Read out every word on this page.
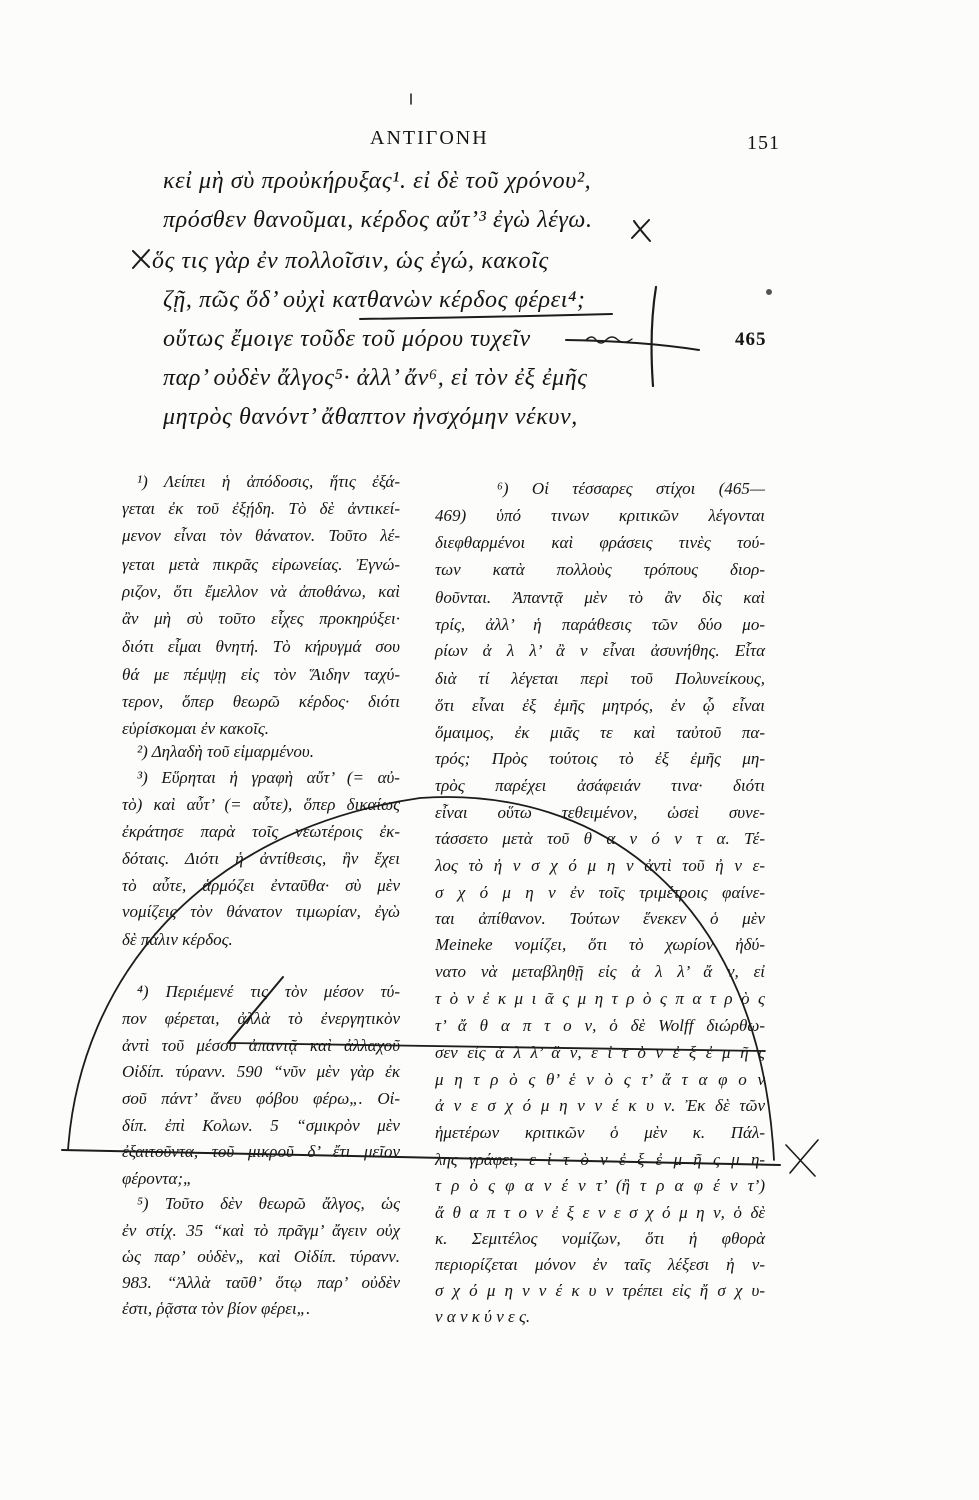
ΑΝΤΙΓΟΝΗ	151
κεἰ μὴ σὺ προὐκήρυξας¹. εἰ δὲ τοῦ χρόνου²,
πρόσθεν θανοῦμαι, κέρδος αὔτ’³ ἐγὼ λέγω.
ὅς τις γὰρ ἐν πολλοῖσιν, ὡς ἐγώ, κακοῖς
ζῇ, πῶς ὅδ’ οὐχὶ κατθανὼν κέρδος φέρει⁴;
οὕτως ἔμοιγε τοῦδε τοῦ μόρου τυχεῖν
παρ’ οὐδὲν ἄλγος⁵· ἀλλ’ ἄν⁶, εἰ τὸν ἐξ ἐμῆς
μητρὸς θανόντ’ ἄθαπτον ἠνσχόμην νέκυν,
465
¹) Λείπει ἡ ἀπόδοσις, ἥτις ἐξά-
γεται ἐκ τοῦ ἐξῄδη. Τὸ δὲ ἀντικεί-
μενον εἶναι τὸν θάνατον. Τοῦτο λέ-
γεται μετὰ πικρᾶς εἰρωνείας. Ἐγνώ-
ριζον, ὅτι ἔμελλον νὰ ἀποθάνω, καὶ
ἂν μὴ σὺ τοῦτο εἶχες προκηρύξει·
διότι εἶμαι θνητή. Τὸ κήρυγμά σου
θά με πέμψῃ εἰς τὸν Ἅιδην ταχύ-
τερον, ὅπερ θεωρῶ κέρδος· διότι
εὑρίσκομαι ἐν κακοῖς.
²) Δηλαδὴ τοῦ εἱμαρμένου.
³) Εὕρηται ἡ γραφὴ αὔτ’ (= αὐ-
τὸ) καὶ αὖτ’ (= αὖτε), ὅπερ δικαίως
ἐκράτησε παρὰ τοῖς νεωτέροις ἐκ-
δόταις. Διότι ἡ ἀντίθεσις, ἣν ἔχει
τὸ αὖτε, ἁρμόζει ἐνταῦθα· σὺ μὲν
νομίζεις τὸν θάνατον τιμωρίαν, ἐγὼ
δὲ πάλιν κέρδος.
⁴) Περιέμενέ τις τὸν μέσον τύ-
πον φέρεται, ἀλλὰ τὸ ἐνεργητικὸν
ἀντὶ τοῦ μέσου ἀπαντᾷ καὶ ἀλλαχοῦ
Οἰδίπ. τύρανν. 590 “νῦν μὲν γὰρ ἐκ
σοῦ πάντ’ ἄνευ φόβου φέρω„. Οἰ-
δίπ. ἐπὶ Κολων. 5 “σμικρὸν μὲν
ἐξαιτοῦντα, τοῦ μικροῦ δ’ ἔτι μεῖον
φέροντα;„
⁵) Τοῦτο δὲν θεωρῶ ἄλγος, ὡς
ἐν στίχ. 35 “καὶ τὸ πρᾶγμ’ ἄγειν οὐχ
ὡς παρ’ οὐδὲν„ καὶ Οἰδίπ. τύρανν.
983. “Ἀλλὰ ταῦθ’ ὅτῳ παρ’ οὐδὲν
ἐστι, ῥᾷστα τὸν βίον φέρει„.
⁶) Οἱ τέσσαρες στίχοι (465—
469) ὑπό τινων κριτικῶν λέγονται
διεφθαρμένοι καὶ φράσεις τινὲς τού-
των κατὰ πολλοὺς τρόπους διορ-
θοῦνται. Ἀπαντᾷ μὲν τὸ ἂν δὶς καὶ
τρίς, ἀλλ’ ἡ παράθεσις τῶν δύο μο-
ρίων ἀ λ λ’ ἂ ν εἶναι ἀσυνήθης. Εἶτα
διὰ τί λέγεται περὶ τοῦ Πολυνείκους,
ὅτι εἶναι ἐξ ἐμῆς μητρός, ἐν ᾧ εἶναι
ὅμαιμος, ἐκ μιᾶς τε καὶ ταὐτοῦ πα-
τρός; Πρὸς τούτοις τὸ ἐξ ἐμῆς μη-
τρὸς παρέχει ἀσάφειάν τινα· διότι
εἶναι οὕτω τεθειμένον, ὡσεὶ συνε-
τάσσετο μετὰ τοῦ θ α ν ό ν τ α. Τέ-
λος τὸ ἠ ν σ χ ό μ η ν ἀντὶ τοῦ ἠ ν ε-
σ χ ό μ η ν ἐν τοῖς τριμέτροις φαίνε-
ται ἀπίθανον. Τούτων ἕνεκεν ὁ μὲν
Meineke νομίζει, ὅτι τὸ χωρίον ἠδύ-
νατο νὰ μεταβληθῇ εἰς ἀ λ λ’ ἄ ν, εἰ
τ ὸ ν ἐ κ μ ι ᾶ ς μ η τ ρ ὸ ς π α τ ρ ὸ ς
τ’ ἄ θ α π τ ο ν, ὁ δὲ Wolff διώρθω-
σεν εἰς ἀ λ λ’ ἄ ν, ε ἰ τ ὸ ν ἐ ξ ἐ μ ῆ ς
μ η τ ρ ὸ ς θ’ ἑ ν ὸ ς τ’ ἄ τ α φ ο ν
ἀ ν ε σ χ ό μ η ν ν έ κ υ ν. Ἐκ δὲ τῶν
ἡμετέρων κριτικῶν ὁ μὲν κ. Πάλ-
λης γράφει, ε ἰ τ ὸ ν ἐ ξ ἐ μ ῆ ς μ η-
τ ρ ὸ ς φ α ν έ ν τ’ (ἢ τ ρ α φ έ ν τ’)
ἄ θ α π τ ο ν ἐ ξ ε ν ε σ χ ό μ η ν, ὁ δὲ
κ. Σεμιτέλος νομίζων, ὅτι ἡ φθορὰ
περιορίζεται μόνον ἐν ταῖς λέξεσι ἠ ν-
σ χ ό μ η ν ν έ κ υ ν τρέπει εἰς ἤ σ χ υ-
ν α ν κ ύ ν ε ς.
